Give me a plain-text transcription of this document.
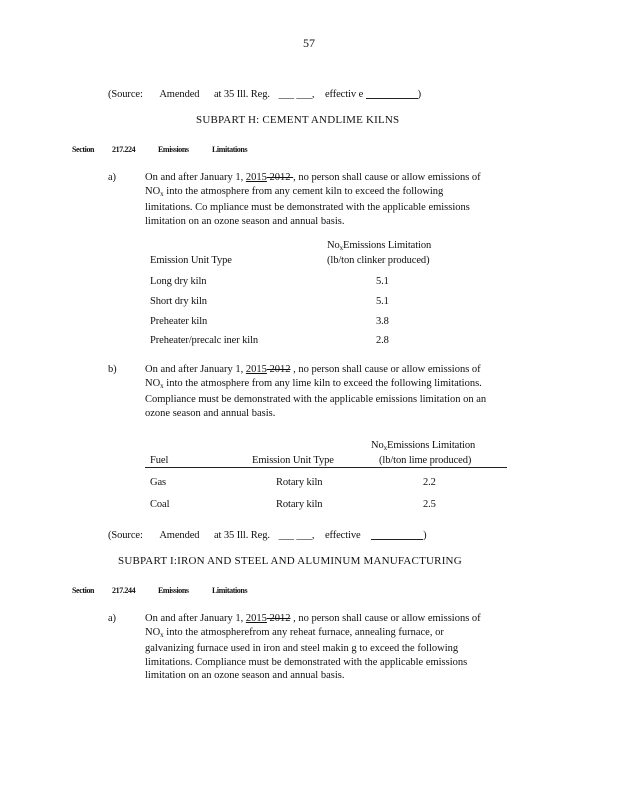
57
(Source: Amended at 35 Ill. Reg. ___ ___, effectiv e	)
SUBPART H: CEMENT ANDLIME KILNS
Section 217.224	Emissions	Limitations
a)	On and after January 1, 2015 2012 , no person shall cause or allow emissions of
$NO_x$ into the atmosphere from any cement kiln to exceed the following
limitations. Co mpliance must be demonstrated with the applicable emissions
limitation on an ozone season and annual basis.
$No_xEmissions$ Limitation
Emission Unit Type	(lb/ton clinker produced)
Long dry kiln	5.1
Short dry kiln	5.1
Preheater kiln	3.8
Preheater/precalc iner kiln	2.8
b)	On and after January 1, 2015 2012 , no person shall cause or allow emissions of
$NO_x$ into the atmosphere from any lime kiln to exceed the following limitations.
Compliance must be demonstrated with the applicable emissions limitation on an
ozone season and annual basis.
$No_xEmissions$ Limitation
Fuel	Emission Unit Type	(lb/ton lime produced)
Gas	Rotary kiln	2.2
Coal	Rotary kiln	2.5
(Source: Amended at 35 Ill. Reg. ___ ___, effective	)
SUBPART I:IRON AND STEEL AND ALUMINUM MANUFACTURING
Section 217.244	Emissions	Limitations
a)	On and after January 1, 2015 2012 , no person shall cause or allow emissions of
$NO_x$ into the atmospherefrom any reheat furnace, annealing furnace, or
galvanizing furnace used in iron and steel makin g to exceed the following
limitations. Compliance must be demonstrated with the applicable emissions
limitation on an ozone season and annual basis.
